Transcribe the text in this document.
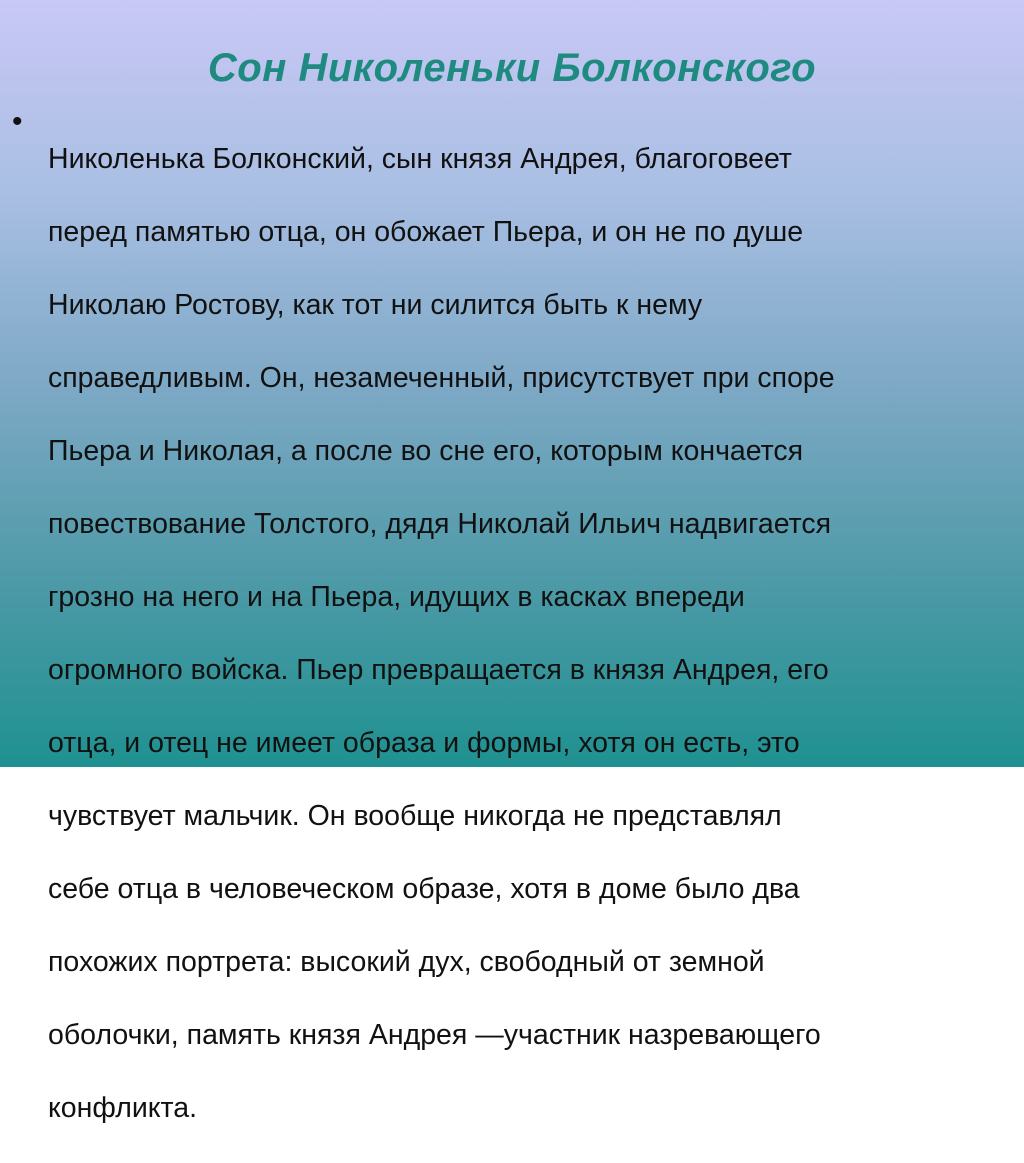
Сон Николеньки Болконского
•

Николенька Болконский, сын князя Андрея, благоговеет

перед памятью отца, он обожает Пьера, и он не по душе

Николаю Ростову, как тот ни силится быть к нему

справедливым. Он, незамеченный, присутствует при споре

Пьера и Николая, а после во сне его, которым кончается

повествование Толстого, дядя Николай Ильич надвигается

грозно на него и на Пьера, идущих в касках впереди

огромного войска. Пьер превращается в князя Андрея, его

отца, и отец не имеет образа и формы, хотя он есть, это

чувствует мальчик. Он вообще никогда не представлял

себе отца в человеческом образе, хотя в доме было два

похожих портрета: высокий дух, свободный от земной

оболочки, память князя Андрея —участник назревающего

конфликта.
